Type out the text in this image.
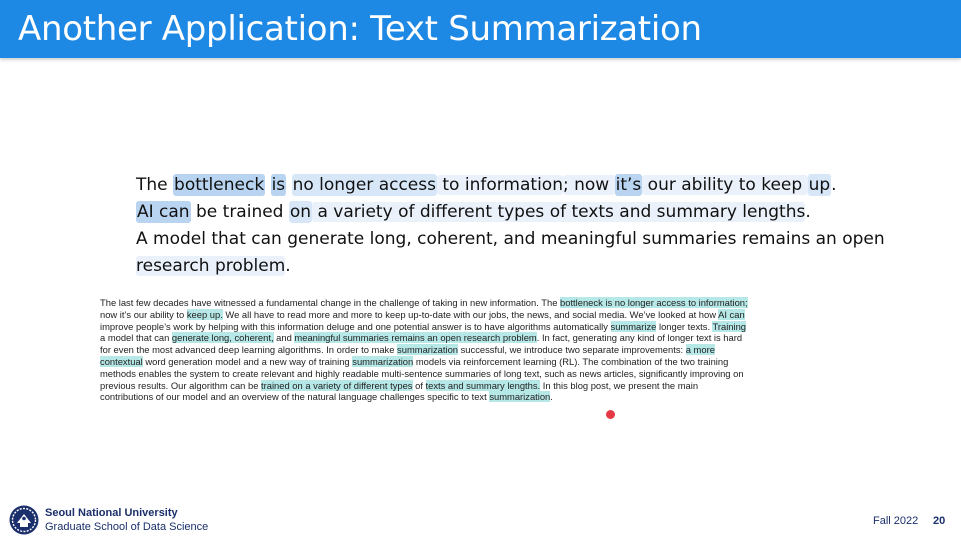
Another Application: Text Summarization
The bottleneck is no longer access to information; now it’s our ability to keep up.
AI can be trained on a variety of different types of texts and summary lengths.
A model that can generate long, coherent, and meaningful summaries remains an open
research problem.
The last few decades have witnessed a fundamental change in the challenge of taking in new information. The bottleneck is no longer access to information;
now it’s our ability to keep up. We all have to read more and more to keep up-to-date with our jobs, the news, and social media. We’ve looked at how AI can
improve people’s work by helping with this information deluge and one potential answer is to have algorithms automatically summarize longer texts. Training
a model that can generate long, coherent, and meaningful summaries remains an open research problem. In fact, generating any kind of longer text is hard
for even the most advanced deep learning algorithms. In order to make summarization successful, we introduce two separate improvements: a more
contextual word generation model and a new way of training summarization models via reinforcement learning (RL). The combination of the two training
methods enables the system to create relevant and highly readable multi-sentence summaries of long text, such as news articles, significantly improving on
previous results. Our algorithm can be trained on a variety of different types of texts and summary lengths. In this blog post, we present the main
contributions of our model and an overview of the natural language challenges specific to text summarization.
Seoul National University
Graduate School of Data Science	Fall 2022 20
